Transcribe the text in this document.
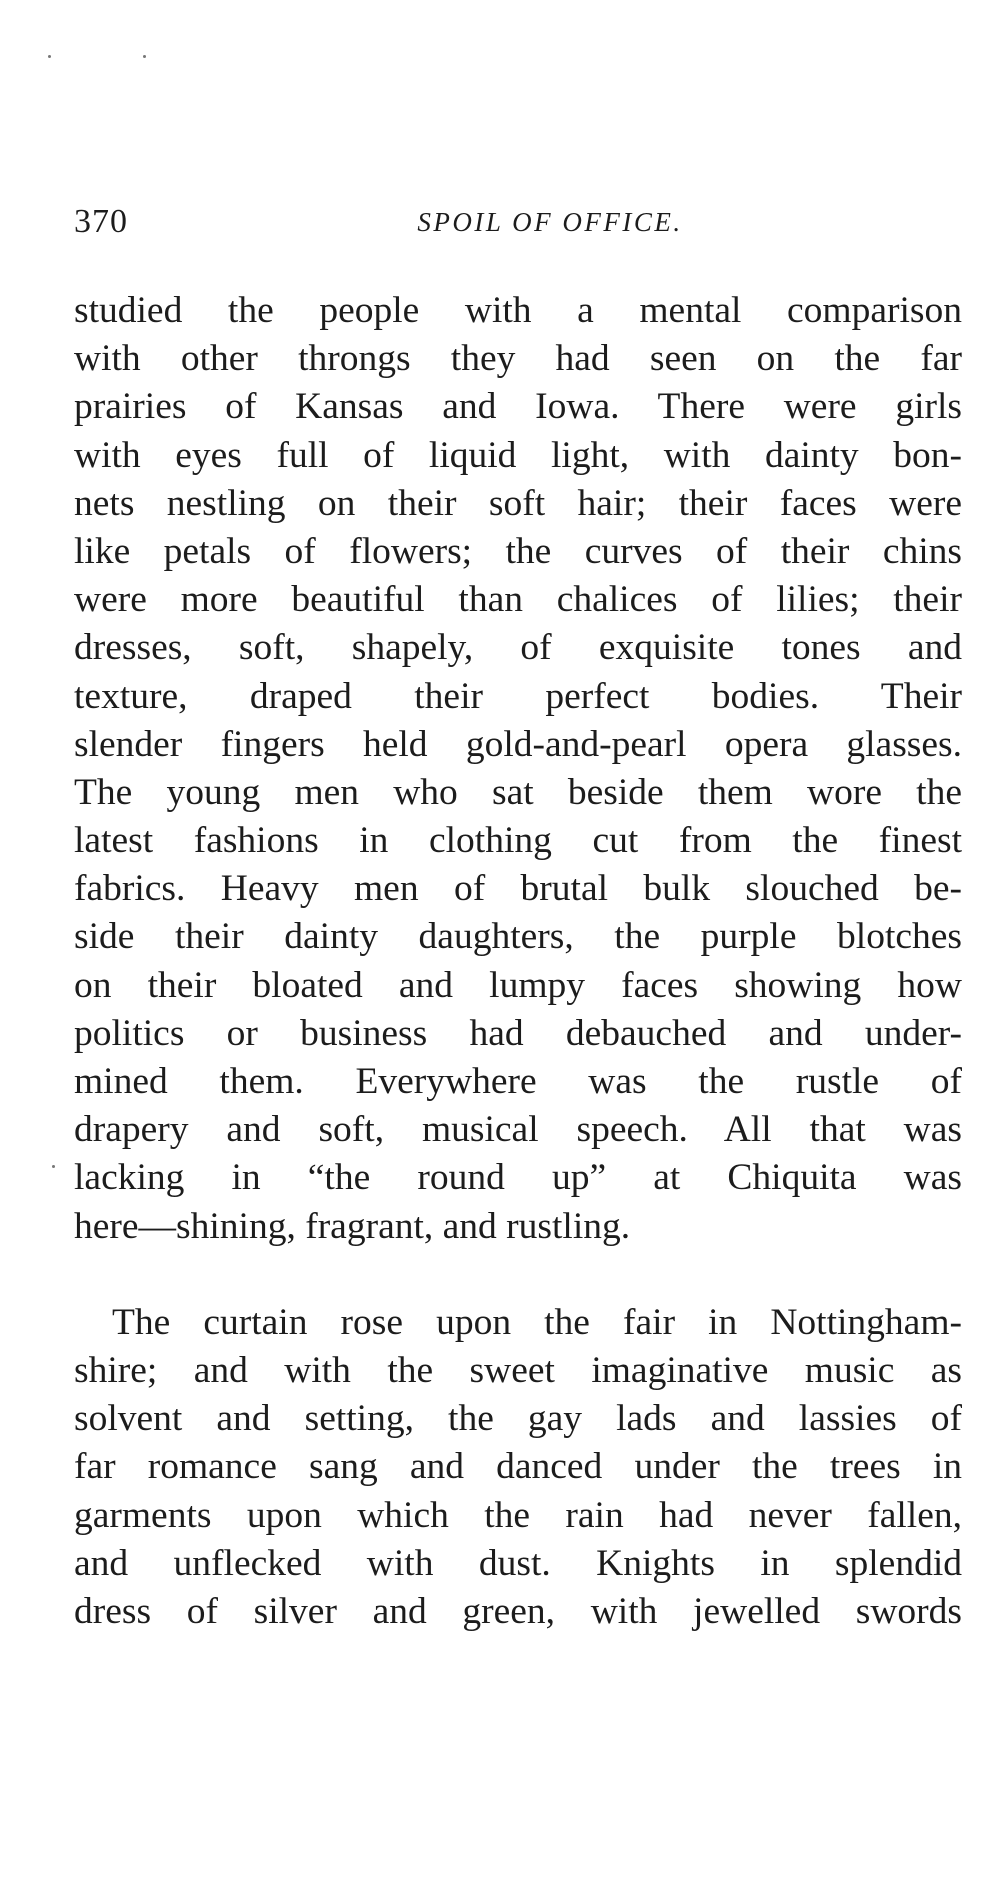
370	SPOIL OF OFFICE.
studied the people with a mental comparison
with other throngs they had seen on the far
prairies of Kansas and Iowa. There were girls
with eyes full of liquid light, with dainty bon-
nets nestling on their soft hair; their faces were
like petals of flowers; the curves of their chins
were more beautiful than chalices of lilies; their
dresses, soft, shapely, of exquisite tones and
texture, draped their perfect bodies. Their
slender fingers held gold-and-pearl opera glasses.
The young men who sat beside them wore the
latest fashions in clothing cut from the finest
fabrics. Heavy men of brutal bulk slouched be-
side their dainty daughters, the purple blotches
on their bloated and lumpy faces showing how
politics or business had debauched and under-
mined them. Everywhere was the rustle of
drapery and soft, musical speech. All that was
lacking in “the round up” at Chiquita was
here—shining, fragrant, and rustling.
The curtain rose upon the fair in Nottingham-
shire; and with the sweet imaginative music as
solvent and setting, the gay lads and lassies of
far romance sang and danced under the trees in
garments upon which the rain had never fallen,
and unflecked with dust. Knights in splendid
dress of silver and green, with jewelled swords
